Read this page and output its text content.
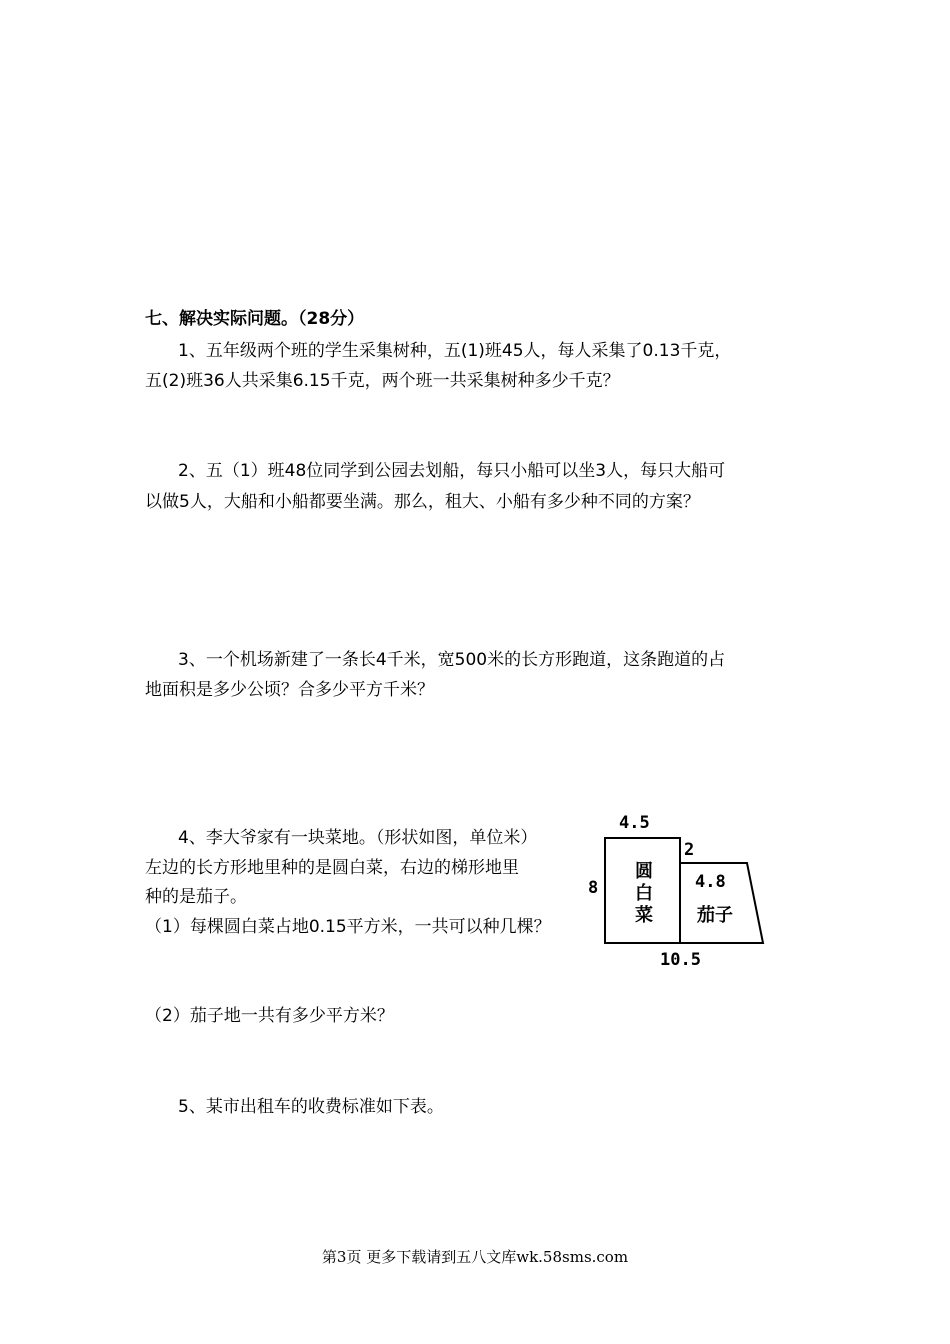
七、解决实际问题。（28分）
1、五年级两个班的学生采集树种，五(1)班45人，每人采集了0.13千克，
五(2)班36人共采集6.15千克，两个班一共采集树种多少千克？
2、五（1）班48位同学到公园去划船，每只小船可以坐3人，每只大船可
以做5人，大船和小船都要坐满。那么，租大、小船有多少种不同的方案？
3、一个机场新建了一条长4千米，宽500米的长方形跑道，这条跑道的占
地面积是多少公顷？合多少平方千米？
4、李大爷家有一块菜地。（形状如图，单位米）
左边的长方形地里种的是圆白菜，右边的梯形地里
种的是茄子。
（1）每棵圆白菜占地0.15平方米，一共可以种几棵？
（2）茄子地一共有多少平方米？
5、某市出租车的收费标准如下表。
4.5
8
2
4.8
10.5
圆
白
菜 茄子
第3页 更多下载请到五八文库wk.58sms.com
